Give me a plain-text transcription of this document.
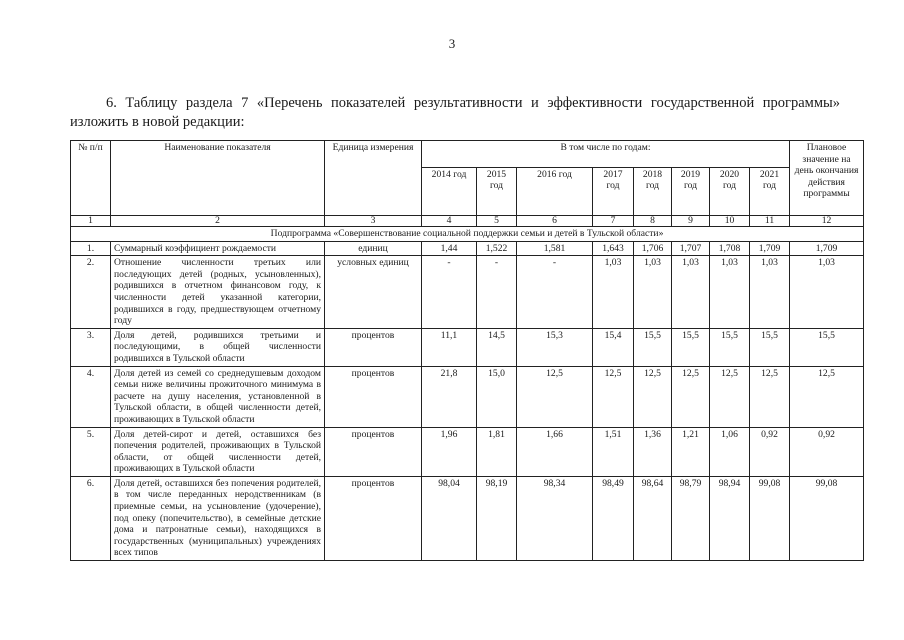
3
6. Таблицу раздела 7 «Перечень показателей результативности и эффективности государственной программы» изложить в новой редакции:
№ п/п	Наименование показателя	Единица измерения	В том числе по годам:								Плановое значение на день окончания действия программы
			2014 год	2015 год	2016 год	2017 год	2018 год	2019 год	2020 год	2021 год	
1	2	3	4	5	6	7	8	9	10	11	12
Подпрограмма «Совершенствование социальной поддержки семьи и детей в Тульской области»											
1.	Суммарный коэффициент рождаемости	единиц	1,44	1,522	1,581	1,643	1,706	1,707	1,708	1,709	1,709
2.	Отношение численности третьих или последующих детей (родных, усыновленных), родившихся в отчетном финансовом году, к численности детей указанной категории, родившихся в году, предшествующем отчетному году	условных единиц	-	-	-	1,03	1,03	1,03	1,03	1,03	1,03
3.	Доля детей, родившихся третьими и последующими, в общей численности родившихся в Тульской области	процентов	11,1	14,5	15,3	15,4	15,5	15,5	15,5	15,5	15,5
4.	Доля детей из семей со среднедушевым доходом семьи ниже величины прожиточного минимума в расчете на душу населения, установленной в Тульской области, в общей численности детей, проживающих в Тульской области	процентов	21,8	15,0	12,5	12,5	12,5	12,5	12,5	12,5	12,5
5.	Доля детей-сирот и детей, оставшихся без попечения родителей, проживающих в Тульской области, от общей численности детей, проживающих в Тульской области	процентов	1,96	1,81	1,66	1,51	1,36	1,21	1,06	0,92	0,92
6.	Доля детей, оставшихся без попечения родителей, в том числе переданных неродственникам (в приемные семьи, на усыновление (удочерение), под опеку (попечительство), в семейные детские дома и патронатные семьи), находящихся в государственных (муниципальных) учреждениях всех типов	процентов	98,04	98,19	98,34	98,49	98,64	98,79	98,94	99,08	99,08
